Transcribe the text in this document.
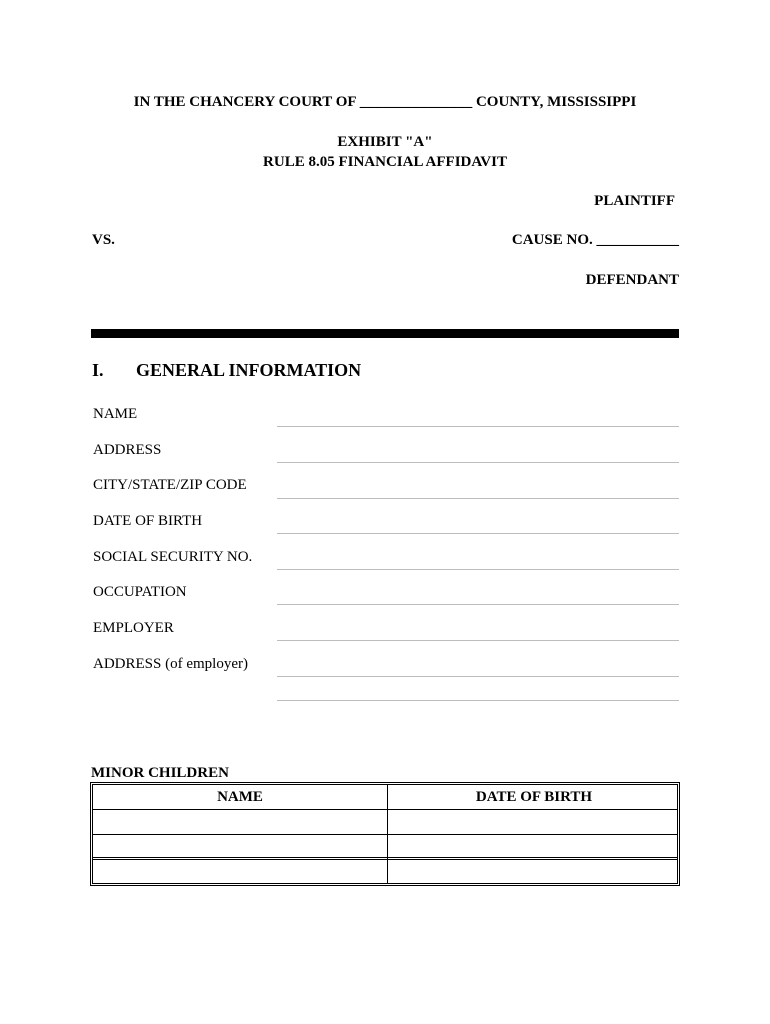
IN THE CHANCERY COURT OF _______________ COUNTY, MISSISSIPPI
EXHIBIT "A"
RULE 8.05 FINANCIAL AFFIDAVIT
PLAINTIFF
VS.	CAUSE NO. ___________
DEFENDANT
I. GENERAL INFORMATION
NAME
ADDRESS
CITY/STATE/ZIP CODE
DATE OF BIRTH
SOCIAL SECURITY NO.
OCCUPATION
EMPLOYER
ADDRESS (of employer)
MINOR CHILDREN
NAME	DATE OF BIRTH
